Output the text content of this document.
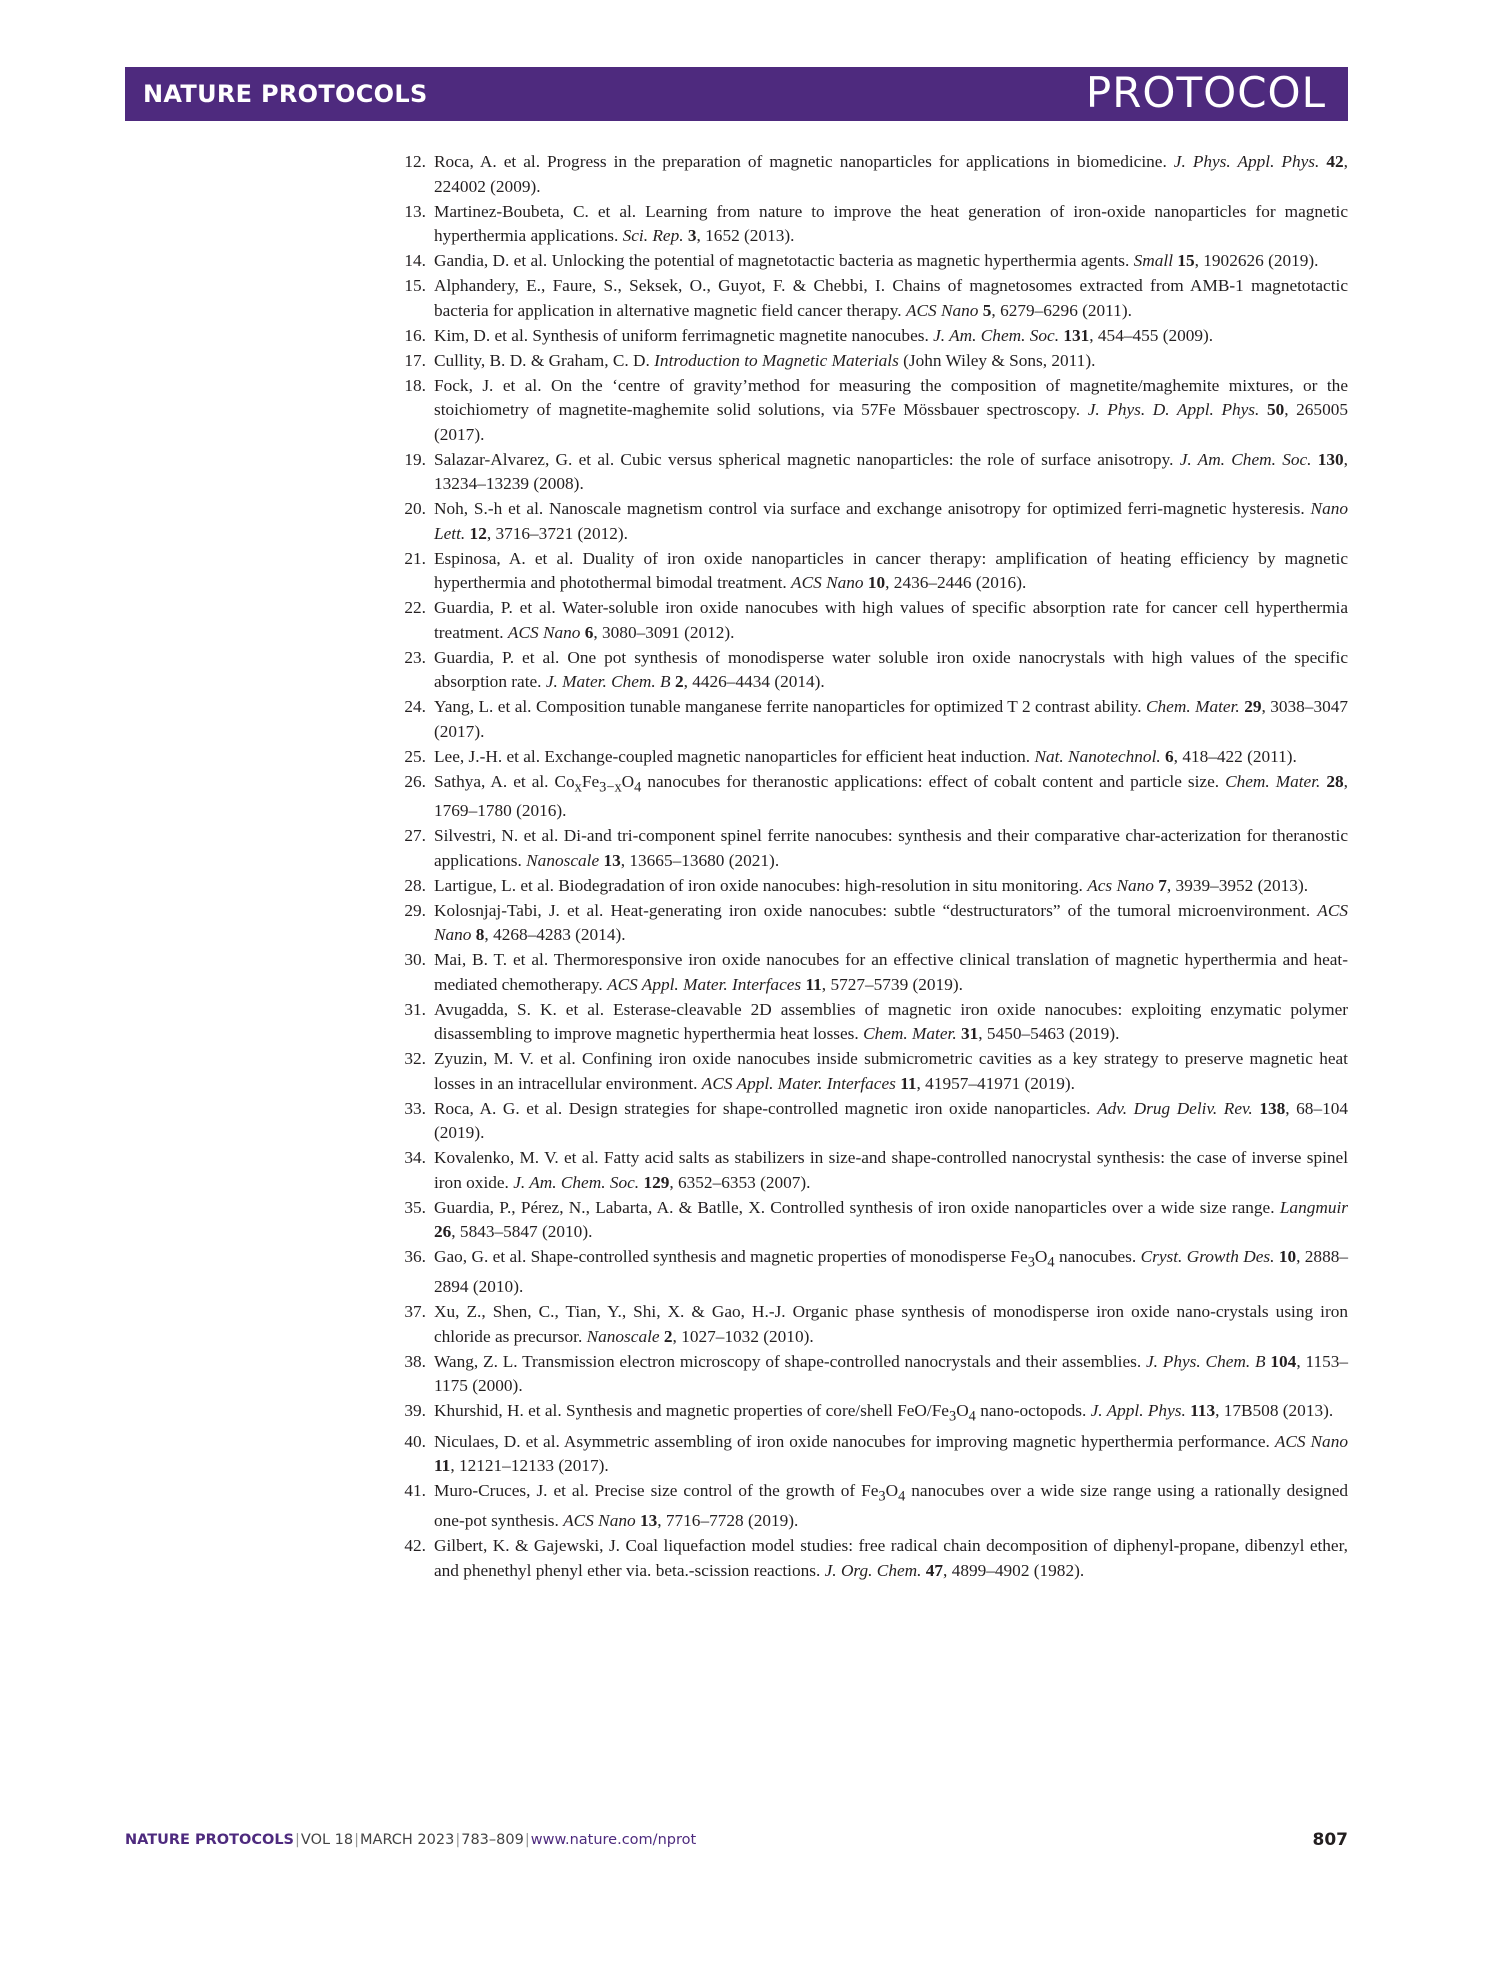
NATURE PROTOCOLS	PROTOCOL
12. Roca, A. et al. Progress in the preparation of magnetic nanoparticles for applications in biomedicine. J. Phys. Appl. Phys. 42, 224002 (2009).
13. Martinez-Boubeta, C. et al. Learning from nature to improve the heat generation of iron-oxide nanoparticles for magnetic hyperthermia applications. Sci. Rep. 3, 1652 (2013).
14. Gandia, D. et al. Unlocking the potential of magnetotactic bacteria as magnetic hyperthermia agents. Small 15, 1902626 (2019).
15. Alphandery, E., Faure, S., Seksek, O., Guyot, F. & Chebbi, I. Chains of magnetosomes extracted from AMB-1 magnetotactic bacteria for application in alternative magnetic field cancer therapy. ACS Nano 5, 6279–6296 (2011).
16. Kim, D. et al. Synthesis of uniform ferrimagnetic magnetite nanocubes. J. Am. Chem. Soc. 131, 454–455 (2009).
17. Cullity, B. D. & Graham, C. D. Introduction to Magnetic Materials (John Wiley & Sons, 2011).
18. Fock, J. et al. On the ‘centre of gravity’method for measuring the composition of magnetite/maghemite mixtures, or the stoichiometry of magnetite-maghemite solid solutions, via 57Fe Mössbauer spectroscopy. J. Phys. D. Appl. Phys. 50, 265005 (2017).
19. Salazar-Alvarez, G. et al. Cubic versus spherical magnetic nanoparticles: the role of surface anisotropy. J. Am. Chem. Soc. 130, 13234–13239 (2008).
20. Noh, S.-h et al. Nanoscale magnetism control via surface and exchange anisotropy for optimized ferri-magnetic hysteresis. Nano Lett. 12, 3716–3721 (2012).
21. Espinosa, A. et al. Duality of iron oxide nanoparticles in cancer therapy: amplification of heating efficiency by magnetic hyperthermia and photothermal bimodal treatment. ACS Nano 10, 2436–2446 (2016).
22. Guardia, P. et al. Water-soluble iron oxide nanocubes with high values of specific absorption rate for cancer cell hyperthermia treatment. ACS Nano 6, 3080–3091 (2012).
23. Guardia, P. et al. One pot synthesis of monodisperse water soluble iron oxide nanocrystals with high values of the specific absorption rate. J. Mater. Chem. B 2, 4426–4434 (2014).
24. Yang, L. et al. Composition tunable manganese ferrite nanoparticles for optimized T 2 contrast ability. Chem. Mater. 29, 3038–3047 (2017).
25. Lee, J.-H. et al. Exchange-coupled magnetic nanoparticles for efficient heat induction. Nat. Nanotechnol. 6, 418–422 (2011).
26. Sathya, A. et al. $Co_xFe_{3-x}O_4$ nanocubes for theranostic applications: effect of cobalt content and particle size. Chem. Mater. 28, 1769–1780 (2016).
27. Silvestri, N. et al. Di-and tri-component spinel ferrite nanocubes: synthesis and their comparative char-acterization for theranostic applications. Nanoscale 13, 13665–13680 (2021).
28. Lartigue, L. et al. Biodegradation of iron oxide nanocubes: high-resolution in situ monitoring. Acs Nano 7, 3939–3952 (2013).
29. Kolosnjaj-Tabi, J. et al. Heat-generating iron oxide nanocubes: subtle “destructurators” of the tumoral microenvironment. ACS Nano 8, 4268–4283 (2014).
30. Mai, B. T. et al. Thermoresponsive iron oxide nanocubes for an effective clinical translation of magnetic hyperthermia and heat-mediated chemotherapy. ACS Appl. Mater. Interfaces 11, 5727–5739 (2019).
31. Avugadda, S. K. et al. Esterase-cleavable 2D assemblies of magnetic iron oxide nanocubes: exploiting enzymatic polymer disassembling to improve magnetic hyperthermia heat losses. Chem. Mater. 31, 5450–5463 (2019).
32. Zyuzin, M. V. et al. Confining iron oxide nanocubes inside submicrometric cavities as a key strategy to preserve magnetic heat losses in an intracellular environment. ACS Appl. Mater. Interfaces 11, 41957–41971 (2019).
33. Roca, A. G. et al. Design strategies for shape-controlled magnetic iron oxide nanoparticles. Adv. Drug Deliv. Rev. 138, 68–104 (2019).
34. Kovalenko, M. V. et al. Fatty acid salts as stabilizers in size-and shape-controlled nanocrystal synthesis: the case of inverse spinel iron oxide. J. Am. Chem. Soc. 129, 6352–6353 (2007).
35. Guardia, P., Pérez, N., Labarta, A. & Batlle, X. Controlled synthesis of iron oxide nanoparticles over a wide size range. Langmuir 26, 5843–5847 (2010).
36. Gao, G. et al. Shape-controlled synthesis and magnetic properties of monodisperse $Fe_3O_4$ nanocubes. Cryst. Growth Des. 10, 2888–2894 (2010).
37. Xu, Z., Shen, C., Tian, Y., Shi, X. & Gao, H.-J. Organic phase synthesis of monodisperse iron oxide nano-crystals using iron chloride as precursor. Nanoscale 2, 1027–1032 (2010).
38. Wang, Z. L. Transmission electron microscopy of shape-controlled nanocrystals and their assemblies. J. Phys. Chem. B 104, 1153–1175 (2000).
39. Khurshid, H. et al. Synthesis and magnetic properties of core/shell FeO/$Fe_3O_4$ nano-octopods. J. Appl. Phys. 113, 17B508 (2013).
40. Niculaes, D. et al. Asymmetric assembling of iron oxide nanocubes for improving magnetic hyperthermia performance. ACS Nano 11, 12121–12133 (2017).
41. Muro-Cruces, J. et al. Precise size control of the growth of $Fe_3O_4$ nanocubes over a wide size range using a rationally designed one-pot synthesis. ACS Nano 13, 7716–7728 (2019).
42. Gilbert, K. & Gajewski, J. Coal liquefaction model studies: free radical chain decomposition of diphenyl-propane, dibenzyl ether, and phenethyl phenyl ether via. beta.-scission reactions. J. Org. Chem. 47, 4899–4902 (1982).
NATURE PROTOCOLS|VOL 18|MARCH 2023|783–809|www.nature.com/nprot	807
